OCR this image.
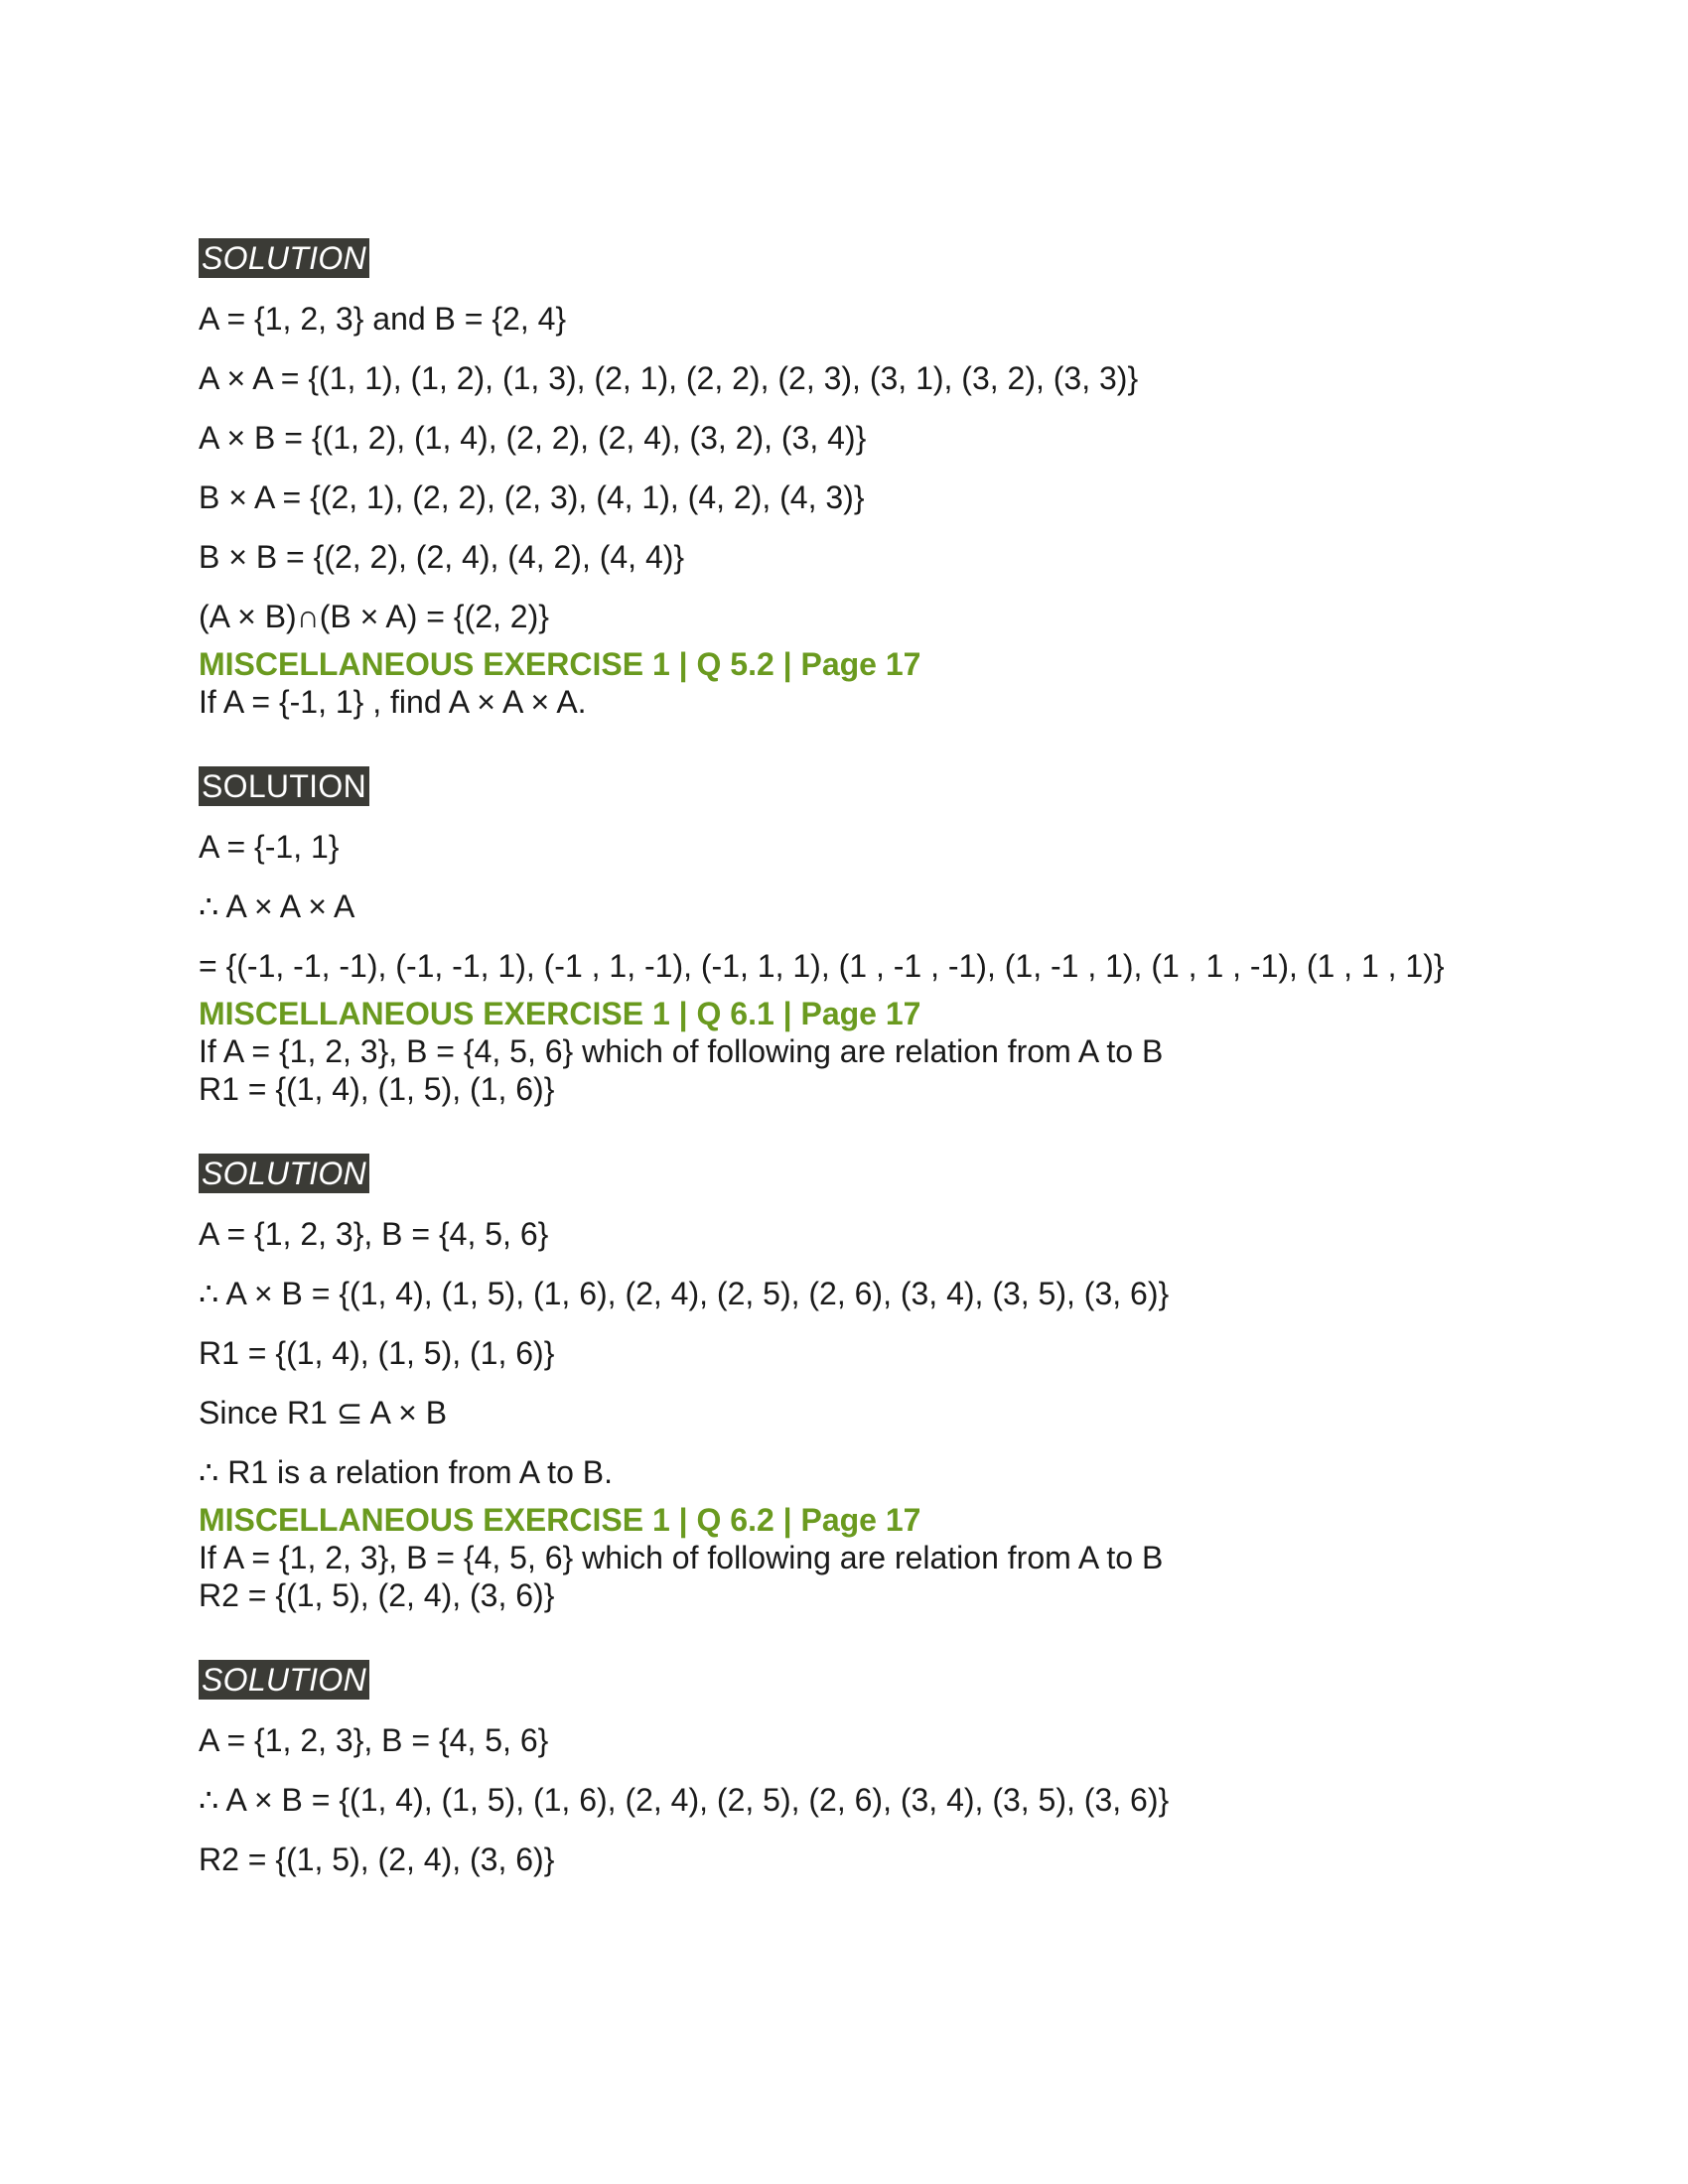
SOLUTION
A = {1, 2, 3} and B = {2, 4}
A × A = {(1, 1), (1, 2), (1, 3), (2, 1), (2, 2), (2, 3), (3, 1), (3, 2), (3, 3)}
A × B = {(1, 2), (1, 4), (2, 2), (2, 4), (3, 2), (3, 4)}
B × A = {(2, 1), (2, 2), (2, 3), (4, 1), (4, 2), (4, 3)}
B × B = {(2, 2), (2, 4), (4, 2), (4, 4)}
(A × B)∩(B × A) = {(2, 2)}
MISCELLANEOUS EXERCISE 1 | Q 5.2 | Page 17
If A = {-1, 1} , find A × A × A.
SOLUTION
A = {-1, 1}
∴ A × A × A
= {(-1, -1, -1), (-1, -1, 1), (-1 , 1, -1), (-1, 1, 1), (1 , -1 , -1), (1, -1 , 1), (1 , 1 , -1), (1 , 1 , 1)}
MISCELLANEOUS EXERCISE 1 | Q 6.1 | Page 17
If A = {1, 2, 3}, B = {4, 5, 6} which of following are relation from A to B
R1 = {(1, 4), (1, 5), (1, 6)}
SOLUTION
A = {1, 2, 3}, B = {4, 5, 6}
∴ A × B = {(1, 4), (1, 5), (1, 6), (2, 4), (2, 5), (2, 6), (3, 4), (3, 5), (3, 6)}
R1 = {(1, 4), (1, 5), (1, 6)}
Since R1 ⊆ A × B
∴ R1 is a relation from A to B.
MISCELLANEOUS EXERCISE 1 | Q 6.2 | Page 17
If A = {1, 2, 3}, B = {4, 5, 6} which of following are relation from A to B
R2 = {(1, 5), (2, 4), (3, 6)}
SOLUTION
A = {1, 2, 3}, B = {4, 5, 6}
∴ A × B = {(1, 4), (1, 5), (1, 6), (2, 4), (2, 5), (2, 6), (3, 4), (3, 5), (3, 6)}
R2 = {(1, 5), (2, 4), (3, 6)}
